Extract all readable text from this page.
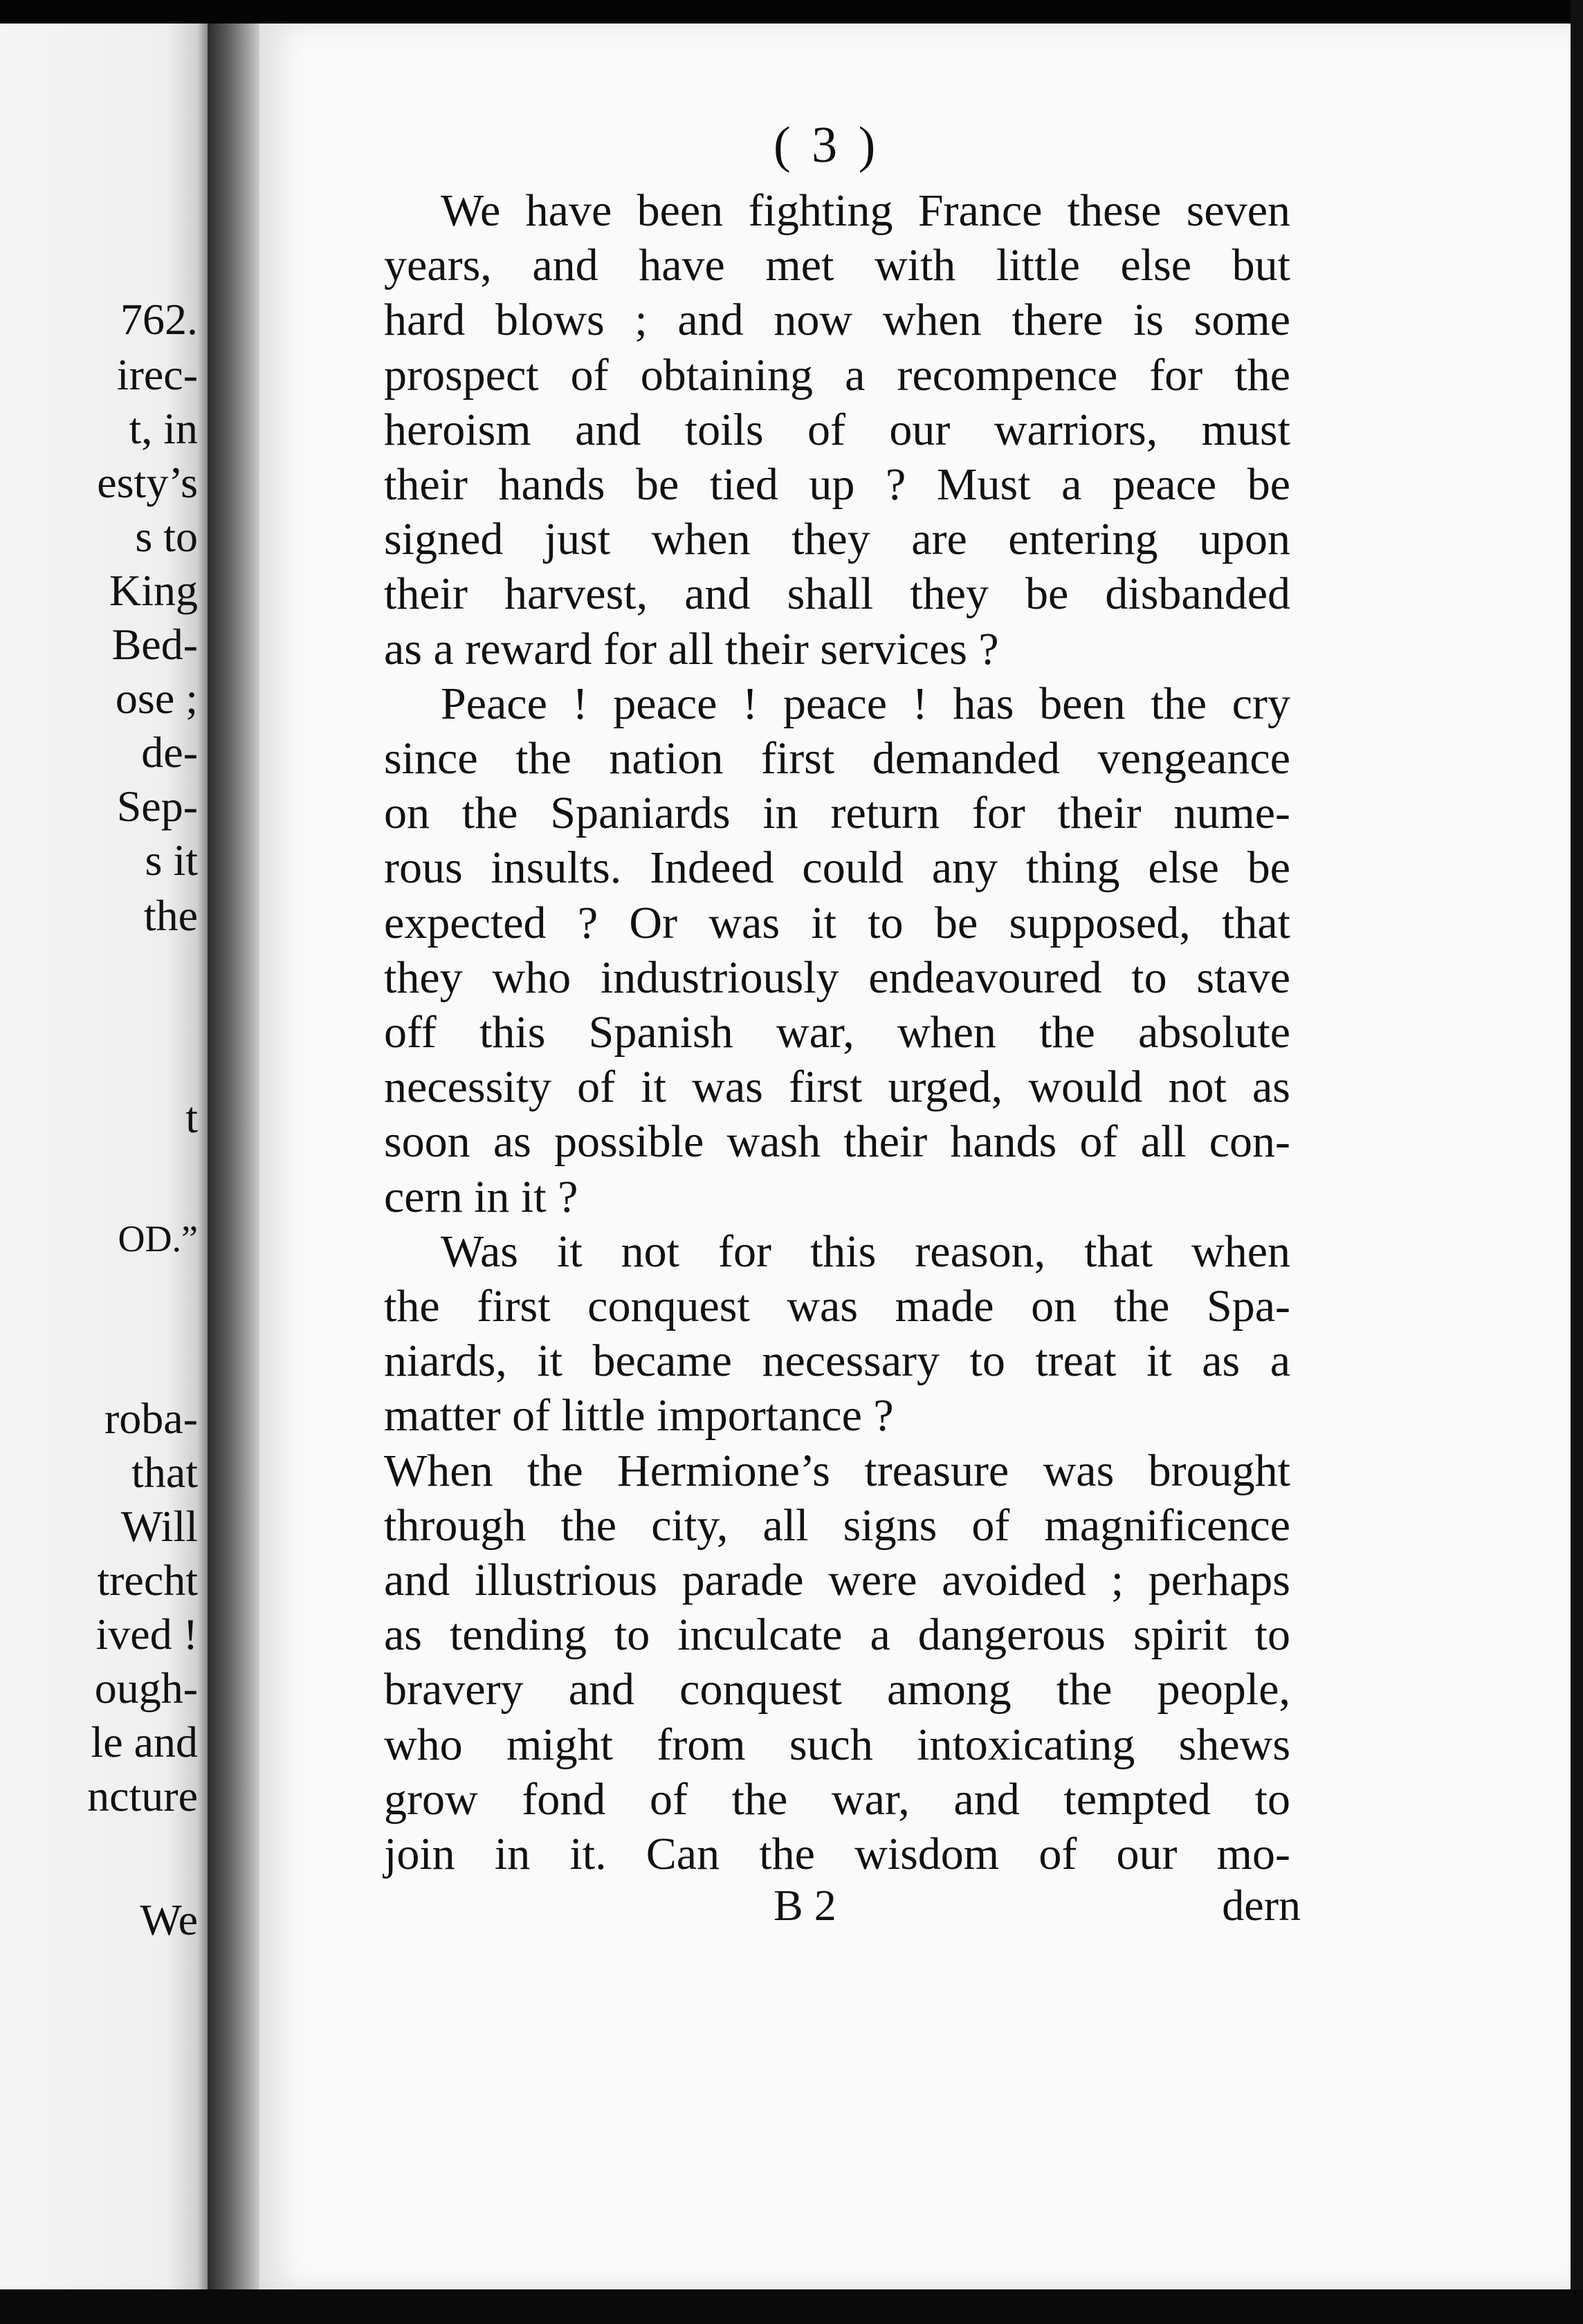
762.
irec-
t, in
esty’s
s to
King
Bed-
ose ;
de-
Sep-
s it
the
t
OD.”
roba-
that
Will
trecht
ived !
ough-
le and
ncture
We
( 3 )
We have been fighting France these seven
years, and have met with little else but
hard blows ; and now when there is some
prospect of obtaining a recompence for the
heroism and toils of our warriors, must
their hands be tied up ? Must a peace be
signed just when they are entering upon
their harvest, and shall they be disbanded
as a reward for all their services ?
Peace ! peace ! peace ! has been the cry
since the nation first demanded vengeance
on the Spaniards in return for their nume-
rous insults. Indeed could any thing else be
expected ? Or was it to be supposed, that
they who industriously endeavoured to stave
off this Spanish war, when the absolute
necessity of it was first urged, would not as
soon as possible wash their hands of all con-
cern in it ?
Was it not for this reason, that when
the first conquest was made on the Spa-
niards, it became necessary to treat it as a
matter of little importance ?
When the Hermione’s treasure was brought
through the city, all signs of magnificence
and illustrious parade were avoided ; perhaps
as tending to inculcate a dangerous spirit to
bravery and conquest among the people,
who might from such intoxicating shews
grow fond of the war, and tempted to
join in it. Can the wisdom of our mo-
B 2	dern
